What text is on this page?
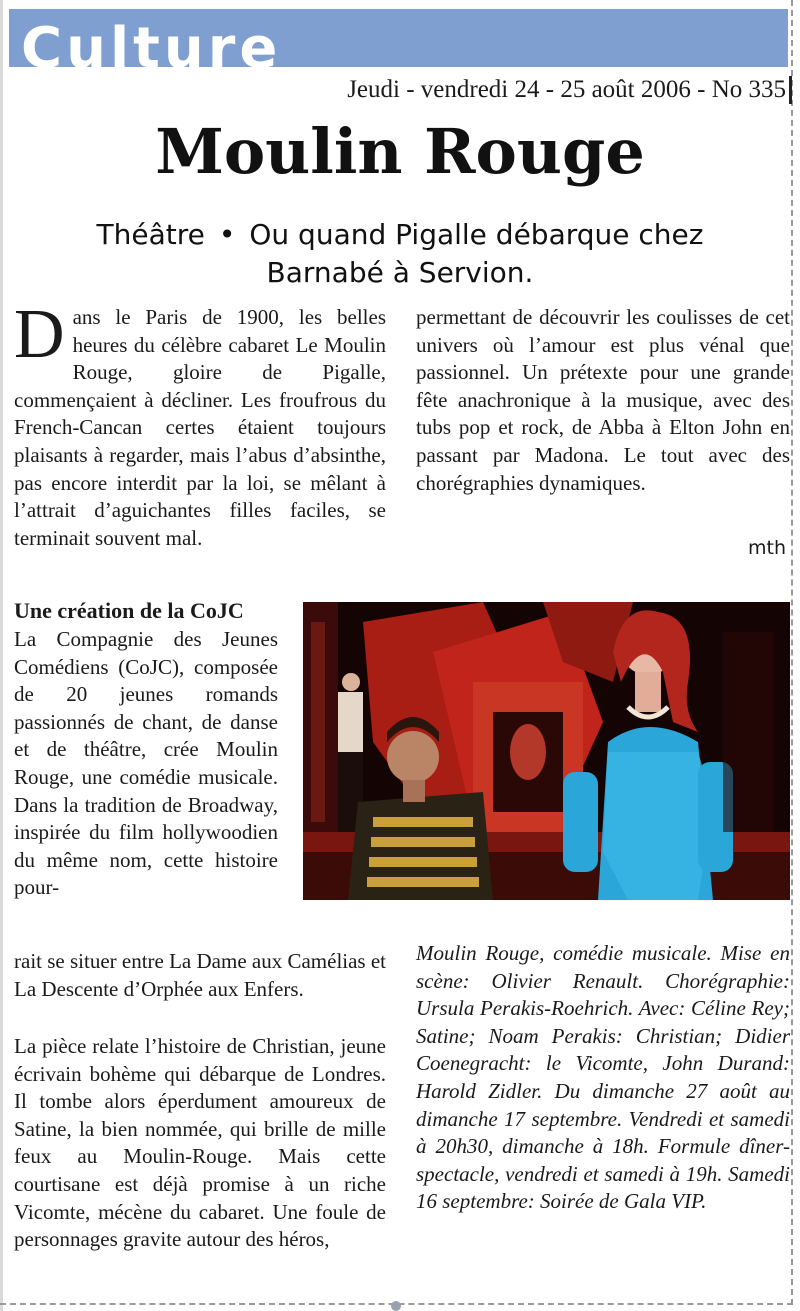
Culture
Jeudi - vendredi 24 - 25 août 2006 - No 335
Moulin Rouge

Théâtre • Ou quand Pigalle débarque chez Barnabé à Servion.

Dans le Paris de 1900, les belles heures du célèbre cabaret Le Moulin Rouge, gloire de Pigalle, commençaient à décliner. Les froufrous du French-Cancan certes étaient toujours plaisants à regarder, mais l’abus d’absinthe, pas encore interdit par la loi, se mêlant à l’attrait d’aguichantes filles faciles, se terminait souvent mal.

permettant de découvrir les coulisses de cet univers où l’amour est plus vénal que passionnel. Un prétexte pour une grande fête anachronique à la musique, avec des tubs pop et rock, de Abba à Elton John en passant par Madona. Le tout avec des chorégraphies dynamiques.

mth
Une création de la CoJC

La Compagnie des Jeunes Comédiens (CoJC), composée de 20 jeunes romands passionnés de chant, de danse et de théâtre, crée Moulin Rouge, une comédie musicale. Dans la tradition de Broadway, inspirée du film hollywoodien du même nom, cette histoire pour-

rait se situer entre La Dame aux Camélias et La Descente d’Orphée aux Enfers.

La pièce relate l’histoire de Christian, jeune écrivain bohème qui débarque de Londres. Il tombe alors éperdument amoureux de Satine, la bien nommée, qui brille de mille feux au Moulin-Rouge. Mais cette courtisane est déjà promise à un riche Vicomte, mécène du cabaret. Une foule de personnages gravite autour des héros,

Moulin Rouge, comédie musicale. Mise en scène: Olivier Renault. Chorégraphie: Ursula Perakis-Roehrich. Avec: Céline Rey; Satine; Noam Perakis: Christian; Didier Coenegracht: le Vicomte, John Durand: Harold Zidler. Du dimanche 27 août au dimanche 17 septembre. Vendredi et samedi à 20h30, dimanche à 18h. Formule dîner-spectacle, vendredi et samedi à 19h. Samedi 16 septembre: Soirée de Gala VIP.
